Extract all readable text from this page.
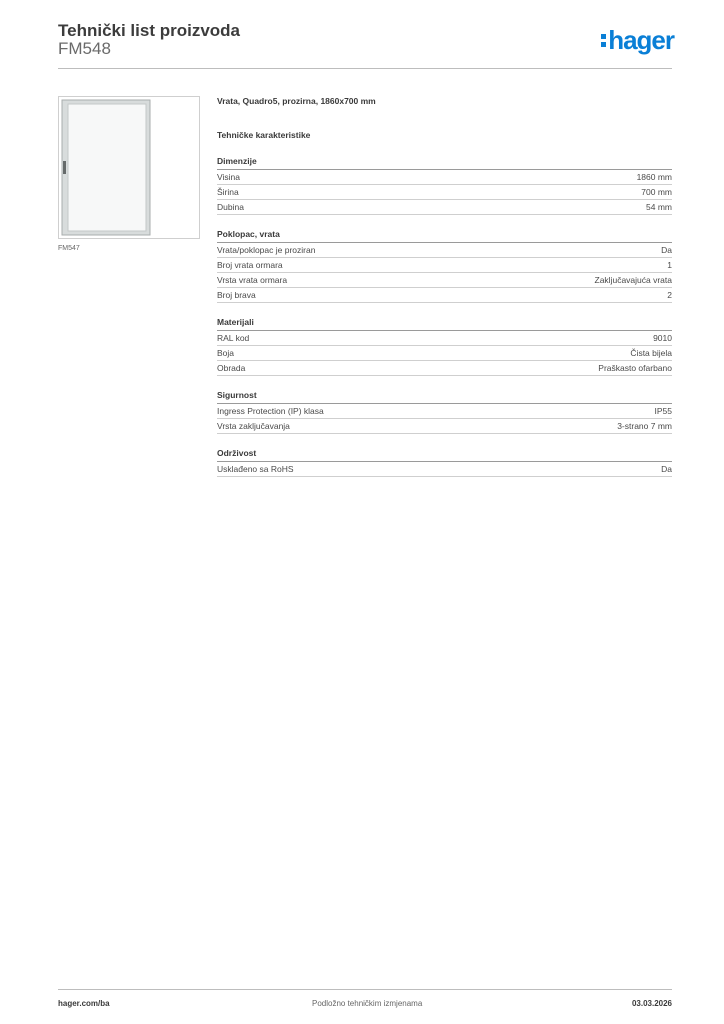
Tehnički list proizvoda
FM548	hager
FM547
Vrata, Quadro5, prozirna, 1860x700 mm
Tehničke karakteristike
Dimenzije
Visina	1860 mm
Širina	700 mm
Dubina	54 mm
Poklopac, vrata
Vrata/poklopac je proziran	Da
Broj vrata ormara	1
Vrsta vrata ormara	Zaključavajuća vrata
Broj brava	2
Materijali
RAL kod	9010
Boja	Čista bijela
Obrada	Praškasto ofarbano
Sigurnost
Ingress Protection (IP) klasa	IP55
Vrsta zaključavanja	3-strano 7 mm
Održivost
Usklađeno sa RoHS	Da
hager.com/ba	Podložno tehničkim izmjenama	03.03.2026
